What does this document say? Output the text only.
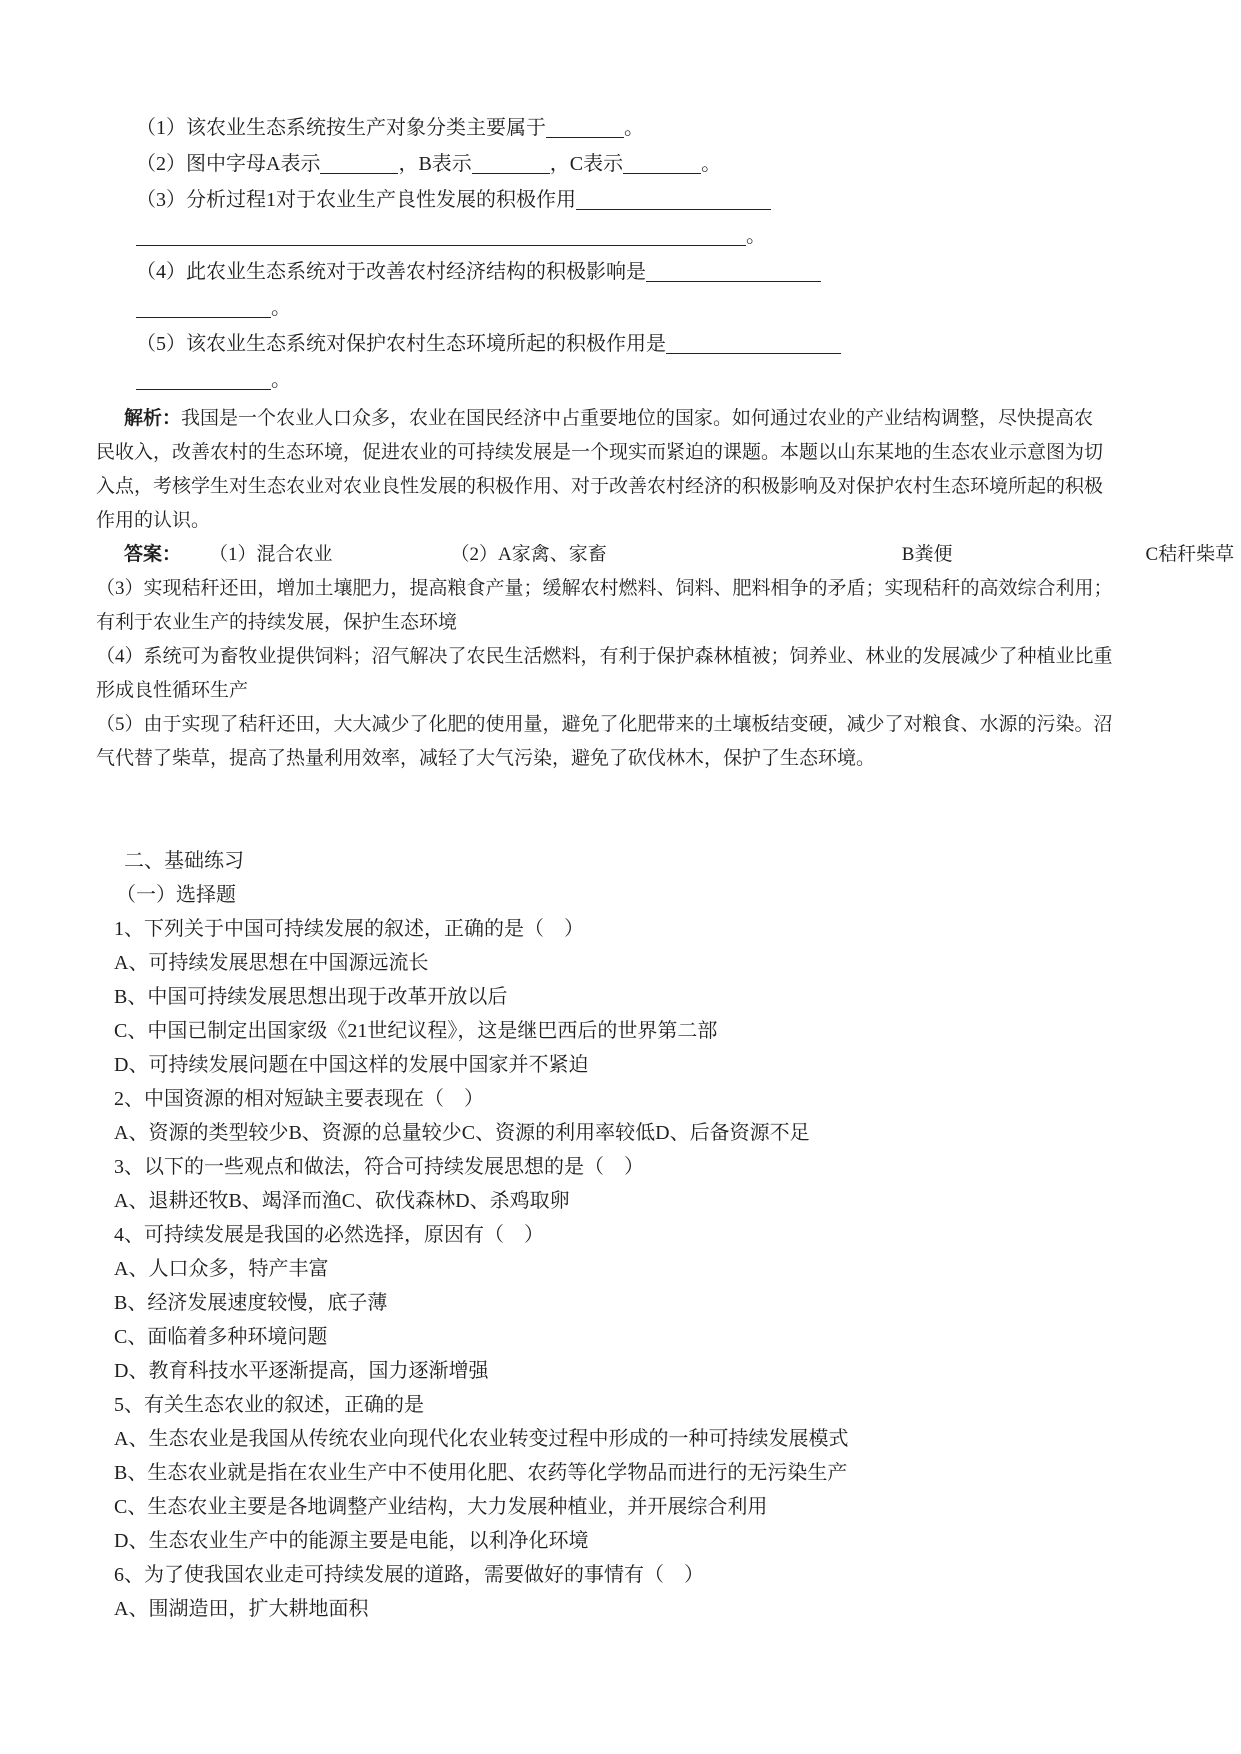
（1）该农业生态系统按生产对象分类主要属于	。
（2）图中字母A表示	，B表示	，C表示	。
（3）分析过程1对于农业生产良性发展的积极作用
。
（4）此农业生态系统对于改善农村经济结构的积极影响是
。
（5）该农业生态系统对保护农村生态环境所起的积极作用是
。
解析：我国是一个农业人口众多，农业在国民经济中占重要地位的国家。如何通过农业的产业结构调整，尽快提高农
民收入，改善农村的生态环境，促进农业的可持续发展是一个现实而紧迫的课题。本题以山东某地的生态农业示意图为切
入点，考核学生对生态农业对农业良性发展的积极作用、对于改善农村经济的积极影响及对保护农村生态环境所起的积极
作用的认识。
答案： （1）混合农业	（2）A家禽、家畜	B粪便	C秸秆柴草
（3）实现秸秆还田，增加土壤肥力，提高粮食产量；缓解农村燃料、饲料、肥料相争的矛盾；实现秸秆的高效综合利用；
有利于农业生产的持续发展，保护生态环境
（4）系统可为畜牧业提供饲料；沼气解决了农民生活燃料，有利于保护森林植被；饲养业、林业的发展减少了种植业比重
形成良性循环生产
（5）由于实现了秸秆还田，大大减少了化肥的使用量，避免了化肥带来的土壤板结变硬，减少了对粮食、水源的污染。沼
气代替了柴草，提高了热量利用效率，减轻了大气污染，避免了砍伐林木，保护了生态环境。
二、基础练习
（一）选择题
1、下列关于中国可持续发展的叙述，正确的是（　）
A、可持续发展思想在中国源远流长
B、中国可持续发展思想出现于改革开放以后
C、中国已制定出国家级《21世纪议程》，这是继巴西后的世界第二部
D、可持续发展问题在中国这样的发展中国家并不紧迫
2、中国资源的相对短缺主要表现在（　）
A、资源的类型较少B、资源的总量较少C、资源的利用率较低D、后备资源不足
3、以下的一些观点和做法，符合可持续发展思想的是（　）
A、退耕还牧B、竭泽而渔C、砍伐森林D、杀鸡取卵
4、可持续发展是我国的必然选择，原因有（　）
A、人口众多，特产丰富
B、经济发展速度较慢，底子薄
C、面临着多种环境问题
D、教育科技水平逐渐提高，国力逐渐增强
5、有关生态农业的叙述，正确的是
A、生态农业是我国从传统农业向现代化农业转变过程中形成的一种可持续发展模式
B、生态农业就是指在农业生产中不使用化肥、农药等化学物品而进行的无污染生产
C、生态农业主要是各地调整产业结构，大力发展种植业，并开展综合利用
D、生态农业生产中的能源主要是电能，以利净化环境
6、为了使我国农业走可持续发展的道路，需要做好的事情有（　）
A、围湖造田，扩大耕地面积
